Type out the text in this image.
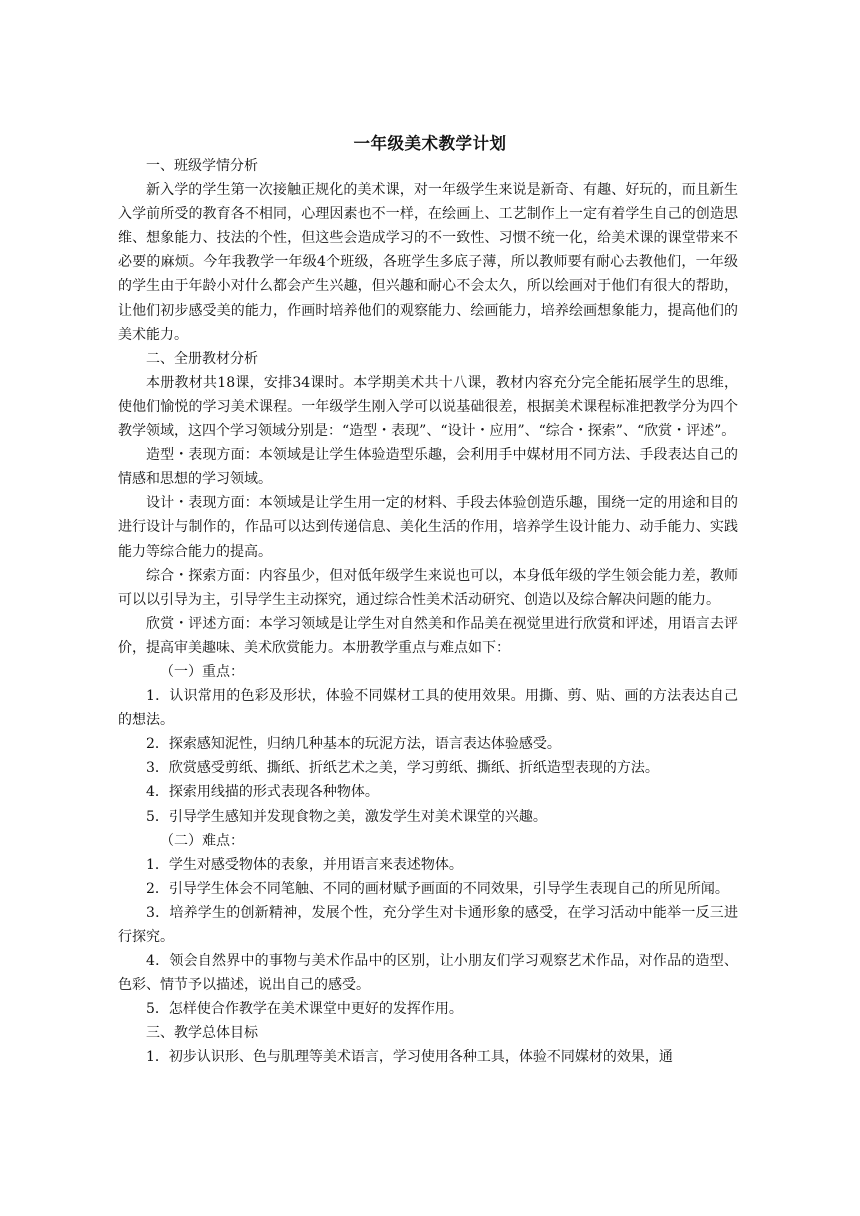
一年级美术教学计划

一、班级学情分析

新入学的学生第一次接触正规化的美术课，对一年级学生来说是新奇、有趣、好玩的，而且新生入学前所受的教育各不相同，心理因素也不一样，在绘画上、工艺制作上一定有着学生自己的创造思维、想象能力、技法的个性，但这些会造成学习的不一致性、习惯不统一化，给美术课的课堂带来不必要的麻烦。今年我教学一年级4个班级，各班学生多底子薄，所以教师要有耐心去教他们，一年级的学生由于年龄小对什么都会产生兴趣，但兴趣和耐心不会太久，所以绘画对于他们有很大的帮助，让他们初步感受美的能力，作画时培养他们的观察能力、绘画能力，培养绘画想象能力，提高他们的美术能力。

二、全册教材分析

本册教材共18课，安排34课时。本学期美术共十八课，教材内容充分完全能拓展学生的思维，使他们愉悦的学习美术课程。一年级学生刚入学可以说基础很差，根据美术课程标准把教学分为四个教学领域，这四个学习领域分别是：“造型・表现”、“设计・应用”、“综合・探索”、“欣赏・评述”。

造型・表现方面：本领域是让学生体验造型乐趣，会利用手中媒材用不同方法、手段表达自己的情感和思想的学习领域。

设计・表现方面：本领域是让学生用一定的材料、手段去体验创造乐趣，围绕一定的用途和目的进行设计与制作的，作品可以达到传递信息、美化生活的作用，培养学生设计能力、动手能力、实践能力等综合能力的提高。

综合・探索方面：内容虽少，但对低年级学生来说也可以，本身低年级的学生领会能力差，教师可以以引导为主，引导学生主动探究，通过综合性美术活动研究、创造以及综合解决问题的能力。

欣赏・评述方面：本学习领域是让学生对自然美和作品美在视觉里进行欣赏和评述，用语言去评价，提高审美趣味、美术欣赏能力。本册教学重点与难点如下：

（一）重点：

1．认识常用的色彩及形状，体验不同媒材工具的使用效果。用撕、剪、贴、画的方法表达自己的想法。

2．探索感知泥性，归纳几种基本的玩泥方法，语言表达体验感受。

3．欣赏感受剪纸、撕纸、折纸艺术之美，学习剪纸、撕纸、折纸造型表现的方法。

4．探索用线描的形式表现各种物体。

5．引导学生感知并发现食物之美，激发学生对美术课堂的兴趣。

（二）难点：

1．学生对感受物体的表象，并用语言来表述物体。

2．引导学生体会不同笔触、不同的画材赋予画面的不同效果，引导学生表现自己的所见所闻。

3．培养学生的创新精神，发展个性，充分学生对卡通形象的感受，在学习活动中能举一反三进行探究。

4．领会自然界中的事物与美术作品中的区别，让小朋友们学习观察艺术作品，对作品的造型、色彩、情节予以描述，说出自己的感受。

5．怎样使合作教学在美术课堂中更好的发挥作用。

三、教学总体目标

1．初步认识形、色与肌理等美术语言，学习使用各种工具，体验不同媒材的效果，通
